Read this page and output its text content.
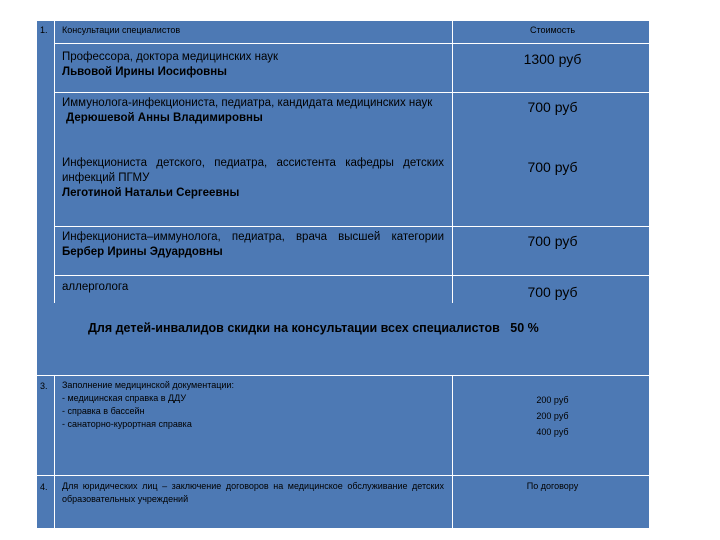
1. Консультации специалистов	Стоимость
Профессора, доктора медицинских наук
Львовой Ирины Иосифовны
1300 руб
Иммунолога-инфекциониста, педиатра, кандидата медицинских наук
Дерюшевой Анны Владимировны
700 руб
Инфекциониста детского, педиатра, ассистента кафедры детских инфекций ПГМУ
Леготиной Натальи Сергеевны
700 руб
Инфекциониста–иммунолога, педиатра, врача высшей категории Бербер Ирины Эдуардовны
700 руб
аллерголога	700 руб
Для детей-инвалидов скидки на консультации всех специалистов   50 %
3. Заполнение медицинской документации:
- медицинская справка в ДДУ
- справка в бассейн
- санаторно-курортная справка
200 руб
200 руб
400 руб
4. Для юридических лиц – заключение договоров на медицинское обслуживание детских образовательных учреждений
По договору
